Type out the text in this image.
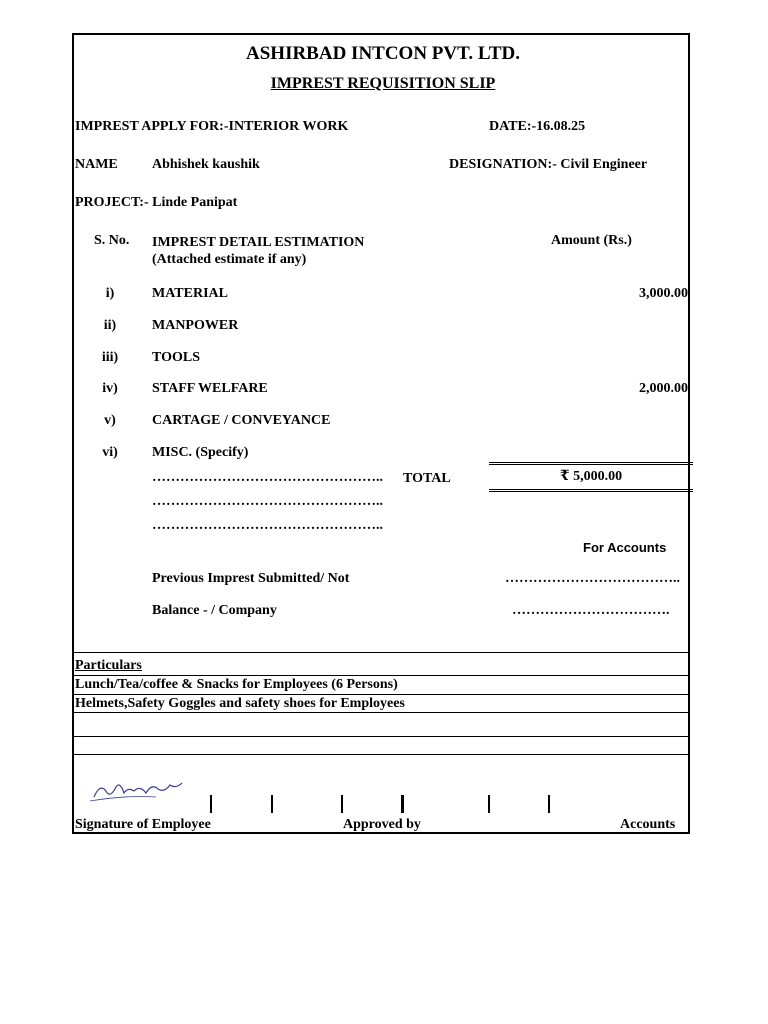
ASHIRBAD INTCON PVT. LTD.
IMPREST REQUISITION SLIP
IMPREST APPLY FOR:-INTERIOR WORK	DATE:-16.08.25
NAME Abhishek kaushik	DESIGNATION:- Civil Engineer
PROJECT:- Linde Panipat
S. No. IMPREST DETAIL ESTIMATION
(Attached estimate if any)
Amount (Rs.)
i)	MATERIAL	3,000.00
ii)	MANPOWER
iii)	TOOLS
iv)	STAFF WELFARE	2,000.00
v)	CARTAGE / CONVEYANCE
vi)	MISC. (Specify)
…………………………………………..
…………………………………………..
…………………………………………..
TOTAL	₹ 5,000.00
For Accounts
Previous Imprest Submitted/ Not	………………………………..
Balance - / Company	…………………………….
Particulars
Lunch/Tea/coffee & Snacks for Employees (6 Persons)
Helmets,Safety Goggles and safety shoes for Employees
Signature of Employee	Approved by	Accounts
